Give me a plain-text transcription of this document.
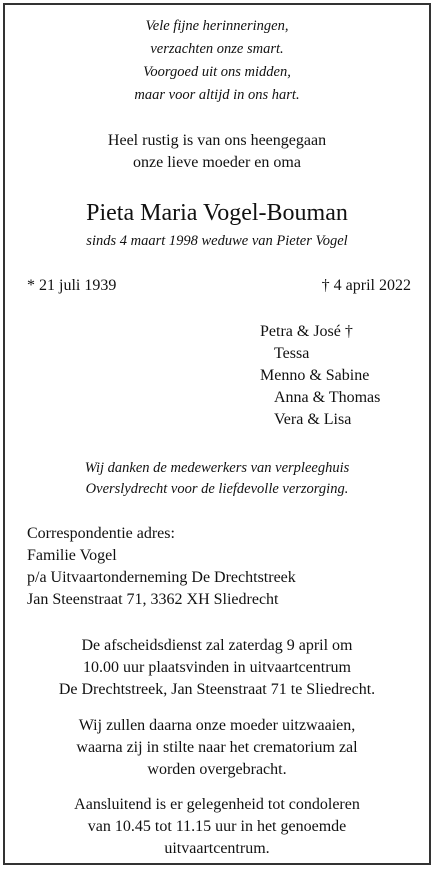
Vele fijne herinneringen,
verzachten onze smart.
Voorgoed uit ons midden,
maar voor altijd in ons hart.
Heel rustig is van ons heengegaan
onze lieve moeder en oma
Pieta Maria Vogel-Bouman
sinds 4 maart 1998 weduwe van Pieter Vogel
* 21 juli 1939	† 4 april 2022
Petra & José †
Tessa
Menno & Sabine
Anna & Thomas
Vera & Lisa
Wij danken de medewerkers van verpleeghuis
Overslydrecht voor de liefdevolle verzorging.
Correspondentie adres:
Familie Vogel
p/a Uitvaartonderneming De Drechtstreek
Jan Steenstraat 71, 3362 XH Sliedrecht
De afscheidsdienst zal zaterdag 9 april om
10.00 uur plaatsvinden in uitvaartcentrum
De Drechtstreek, Jan Steenstraat 71 te Sliedrecht.
Wij zullen daarna onze moeder uitzwaaien,
waarna zij in stilte naar het crematorium zal
worden overgebracht.
Aansluitend is er gelegenheid tot condoleren
van 10.45 tot 11.15 uur in het genoemde
uitvaartcentrum.
